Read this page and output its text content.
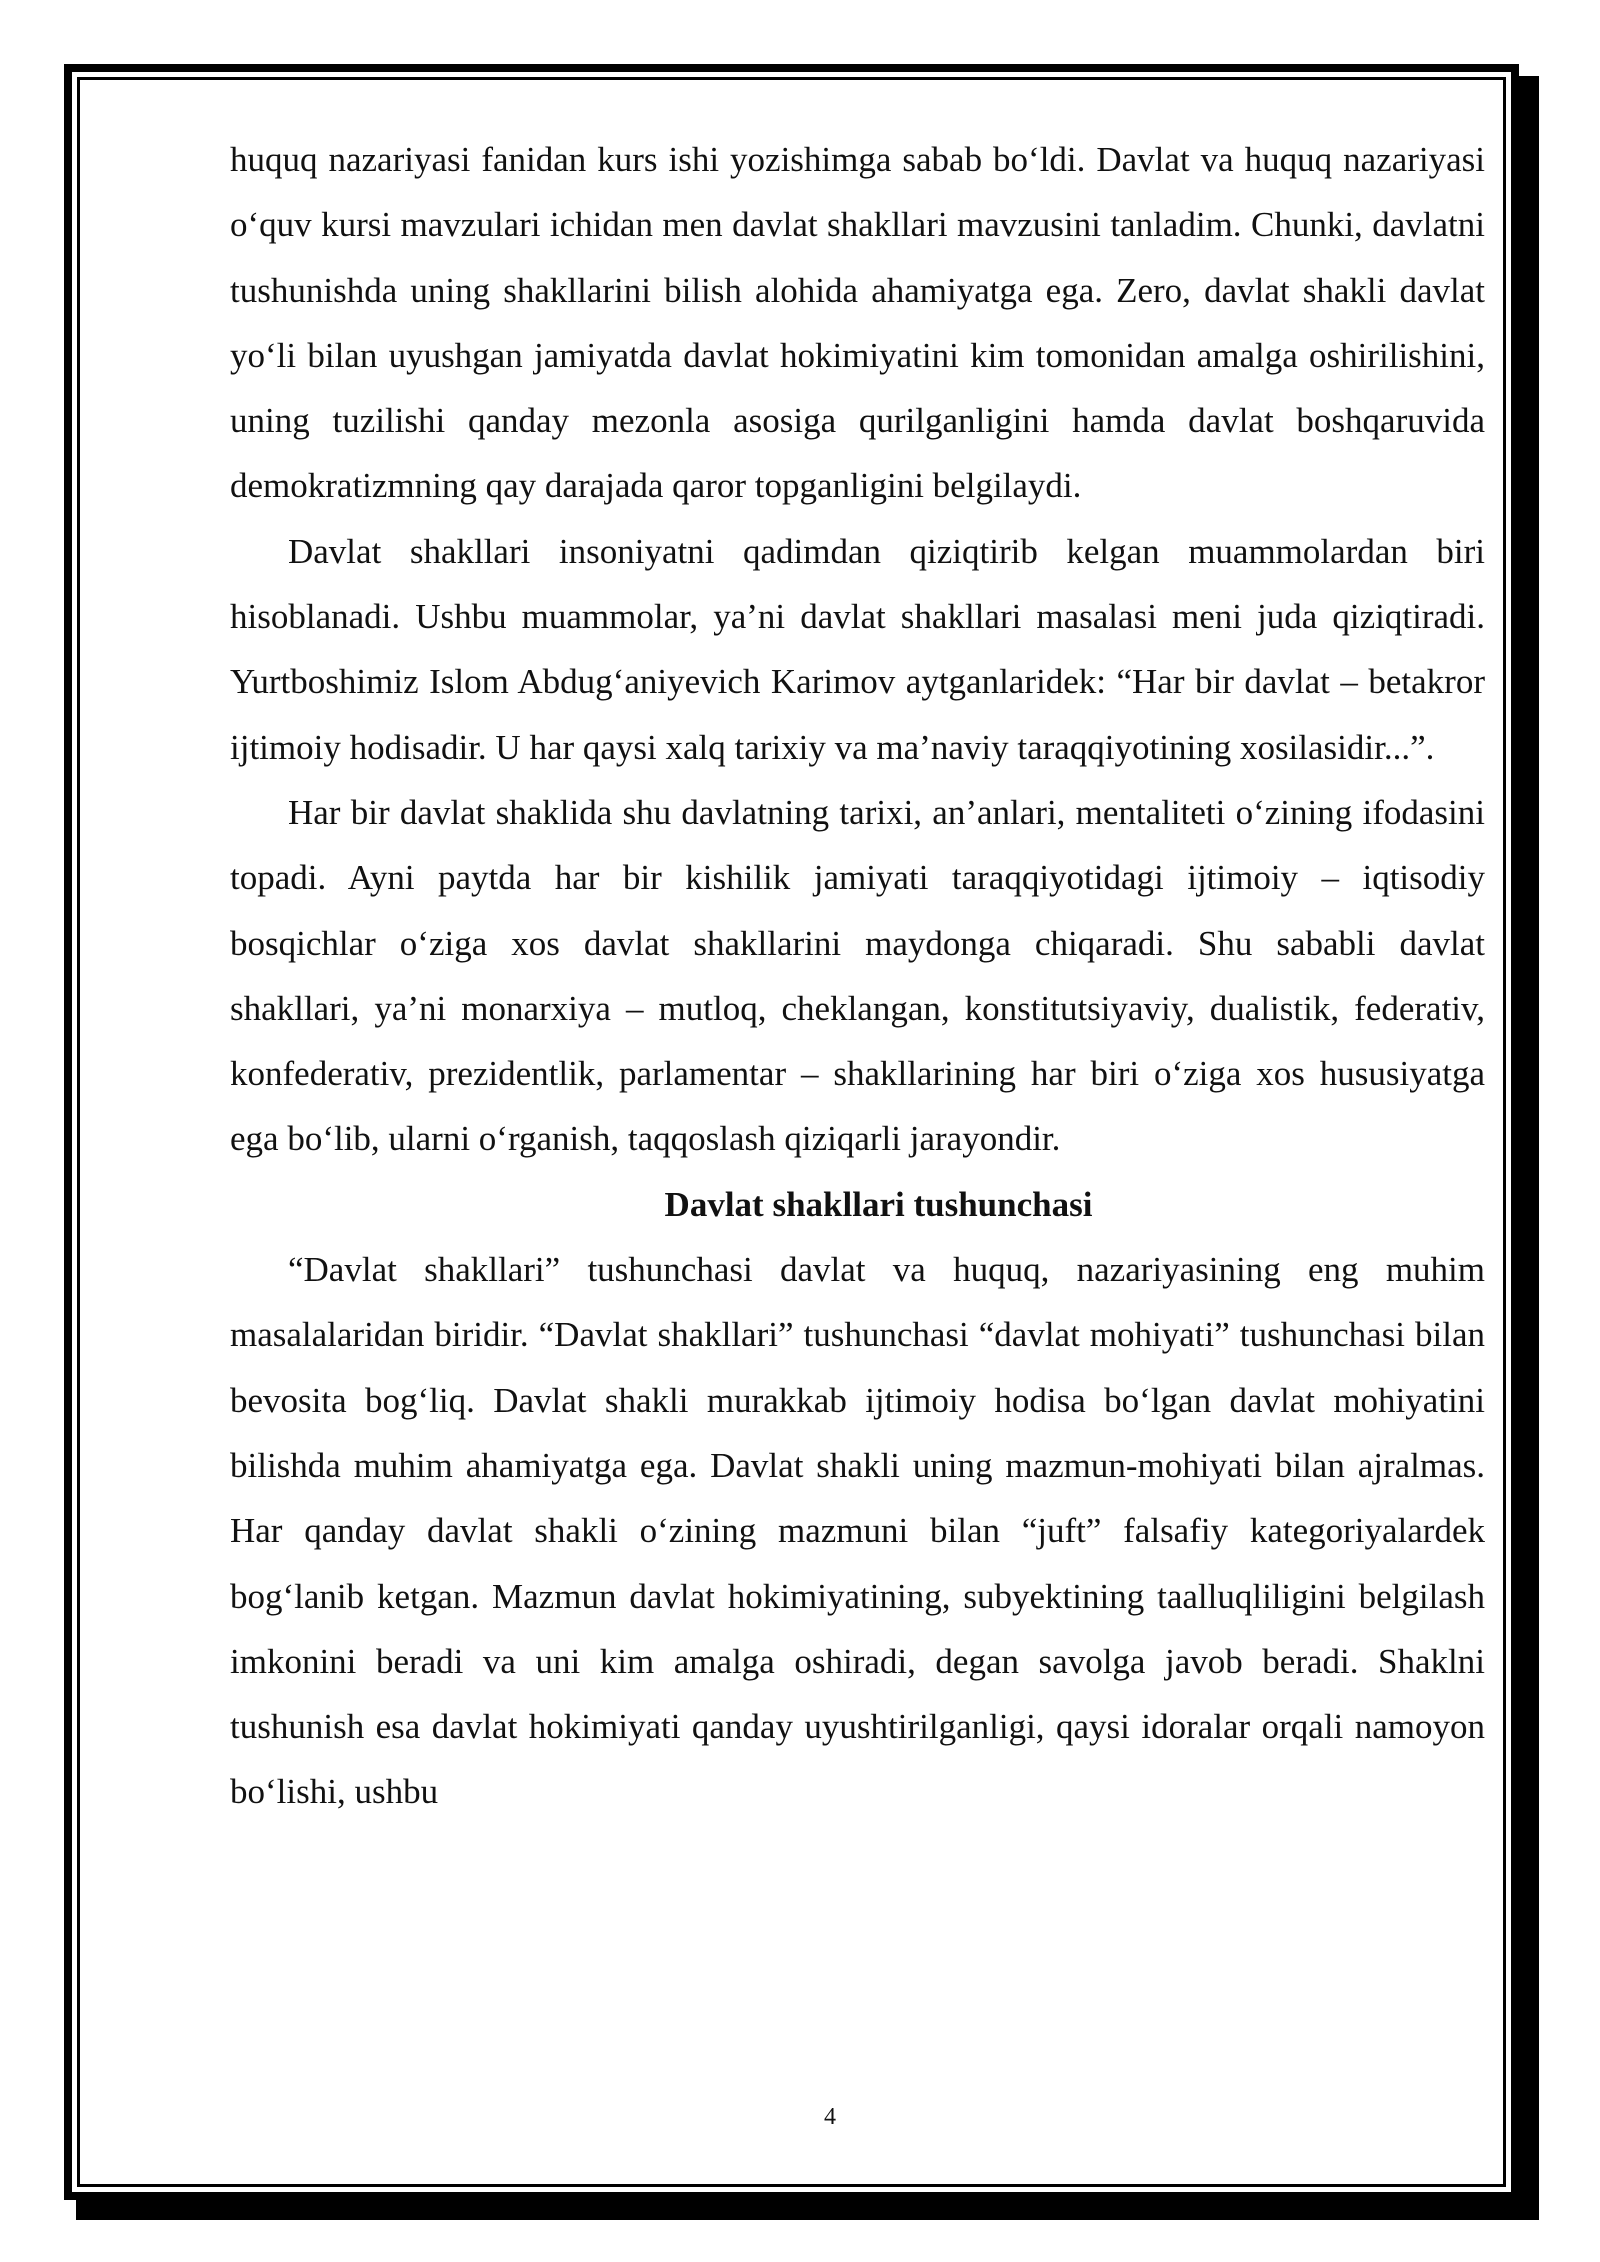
huquq nazariyasi fanidan kurs ishi yozishimga sabab bo‘ldi. Davlat va huquq nazariyasi o‘quv kursi mavzulari ichidan men davlat shakllari mavzusini tanladim. Chunki, davlatni tushunishda uning shakllarini bilish alohida ahamiyatga ega. Zero, davlat shakli davlat yo‘li bilan uyushgan jamiyatda davlat hokimiyatini kim tomonidan amalga oshirilishini, uning tuzilishi qanday mezonla asosiga qurilganligini hamda davlat boshqaruvida demokratizmning qay darajada qaror topganligini belgilaydi.

Davlat shakllari insoniyatni qadimdan qiziqtirib kelgan muammolardan biri hisoblanadi. Ushbu muammolar, ya’ni davlat shakllari masalasi meni juda qiziqtiradi. Yurtboshimiz Islom Abdug‘aniyevich Karimov aytganlaridek: “Har bir davlat – betakror ijtimoiy hodisadir. U har qaysi xalq tarixiy va ma’naviy taraqqiyotining xosilasidir...”.

Har bir davlat shaklida shu davlatning tarixi, an’anlari, mentaliteti o‘zining ifodasini topadi. Ayni paytda har bir kishilik jamiyati taraqqiyotidagi ijtimoiy – iqtisodiy bosqichlar o‘ziga xos davlat shakllarini maydonga chiqaradi. Shu sababli davlat shakllari, ya’ni monarxiya – mutloq, cheklangan, konstitutsiyaviy, dualistik, federativ, konfederativ, prezidentlik, parlamentar – shakllarining har biri o‘ziga xos hususiyatga ega bo‘lib, ularni o‘rganish, taqqoslash qiziqarli jarayondir.

Davlat shakllari tushunchasi

“Davlat shakllari” tushunchasi davlat va huquq, nazariyasining eng muhim masalalaridan biridir. “Davlat shakllari” tushunchasi “davlat mohiyati” tushunchasi bilan bevosita bog‘liq. Davlat shakli murakkab ijtimoiy hodisa bo‘lgan davlat mohiyatini bilishda muhim ahamiyatga ega. Davlat shakli uning mazmun-mohiyati bilan ajralmas. Har qanday davlat shakli o‘zining mazmuni bilan “juft” falsafiy kategoriyalardek bog‘lanib ketgan. Mazmun davlat hokimiyatining, subyektining taalluqliligini belgilash imkonini beradi va uni kim amalga oshiradi, degan savolga javob beradi. Shaklni tushunish esa davlat hokimiyati qanday uyushtirilganligi, qaysi idoralar orqali namoyon bo‘lishi, ushbu

4
